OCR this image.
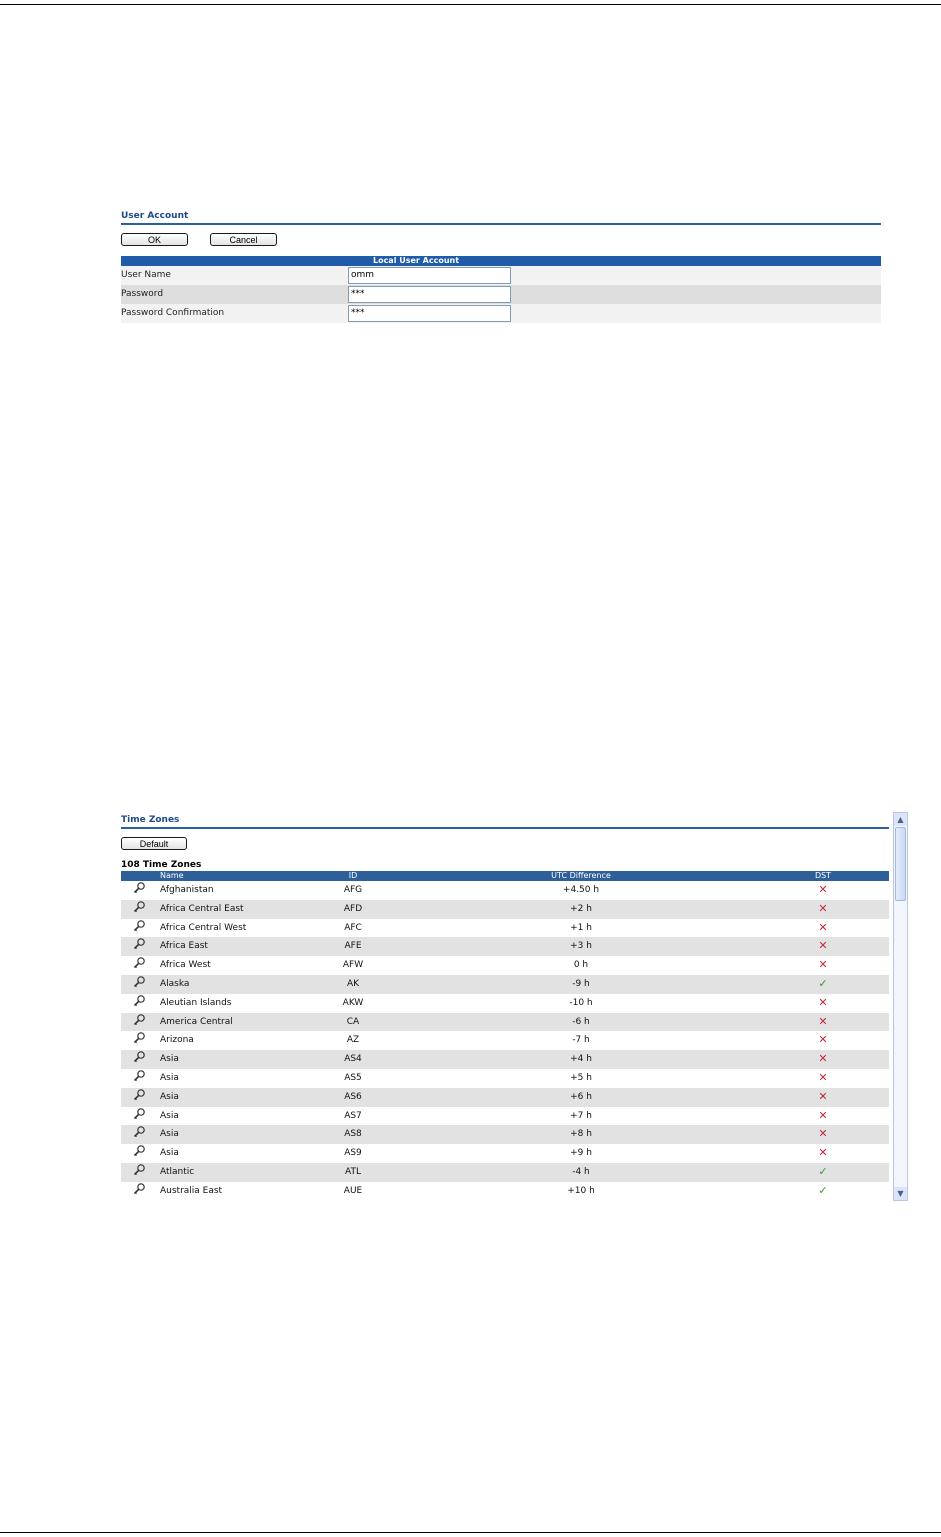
User Account
OK	Cancel
Local User Account
User Name	omm
Password	***
Password Confirmation	***
Time Zones
Default
108 Time Zones
Name	ID	UTC Difference	DST
Afghanistan	AFG	+4.50 h	✕
Africa Central East	AFD	+2 h	✕
Africa Central West	AFC	+1 h	✕
Africa East	AFE	+3 h	✕
Africa West	AFW	0 h	✕
Alaska	AK	-9 h	✓
Aleutian Islands	AKW	-10 h	✕
America Central	CA	-6 h	✕
Arizona	AZ	-7 h	✕
Asia	AS4	+4 h	✕
Asia	AS5	+5 h	✕
Asia	AS6	+6 h	✕
Asia	AS7	+7 h	✕
Asia	AS8	+8 h	✕
Asia	AS9	+9 h	✕
Atlantic	ATL	-4 h	✓
Australia East	AUE	+10 h	✓
▲
▼
